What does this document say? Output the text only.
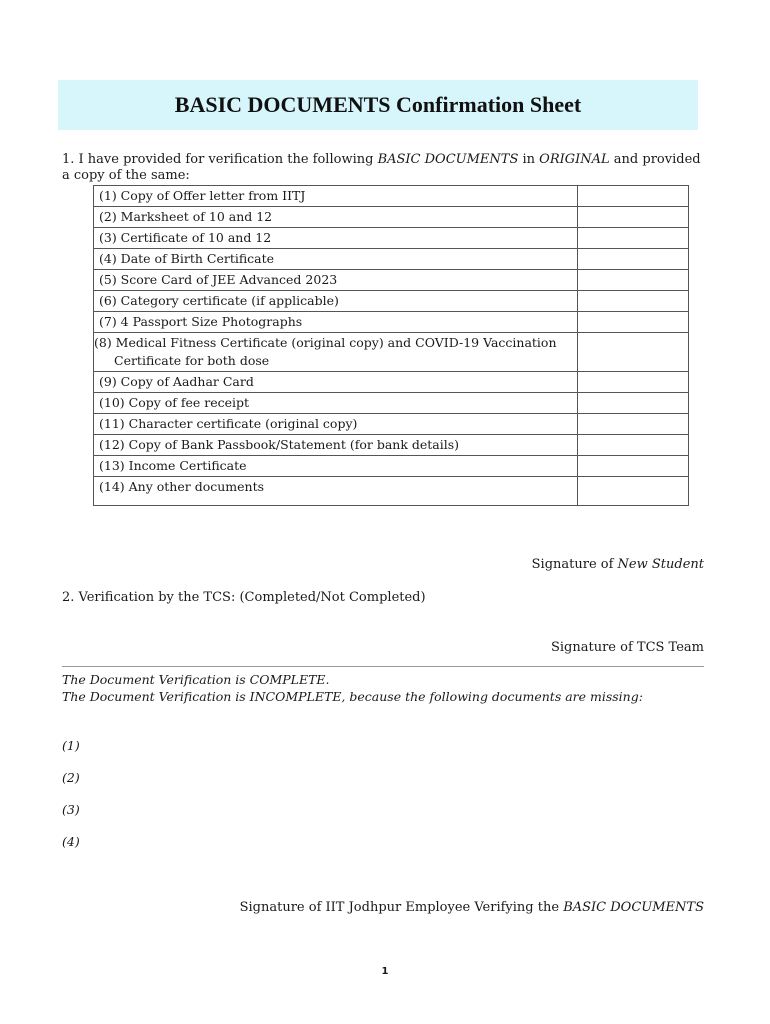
BASIC DOCUMENTS Confirmation Sheet
1. I have provided for verification the following BASIC DOCUMENTS in ORIGINAL and provided a copy of the same:
(1) Copy of Offer letter from IITJ	
(2) Marksheet of 10 and 12	
(3) Certificate of 10 and 12	
(4) Date of Birth Certificate	
(5) Score Card of JEE Advanced 2023	
(6) Category certificate (if applicable)	
(7) 4 Passport Size Photographs	
(8) Medical Fitness Certificate (original copy) and COVID-19 Vaccination Certificate for both dose	
(9) Copy of Aadhar Card	
(10) Copy of fee receipt	
(11) Character certificate (original copy)	
(12) Copy of Bank Passbook/Statement (for bank details)	
(13) Income Certificate	
(14) Any other documents	
Signature of New Student
2. Verification by the TCS: (Completed/Not Completed)
Signature of TCS Team
The Document Verification is COMPLETE.
The Document Verification is INCOMPLETE, because the following documents are missing:
(1)
(2)
(3)
(4)
Signature of IIT Jodhpur Employee Verifying the BASIC DOCUMENTS
1
